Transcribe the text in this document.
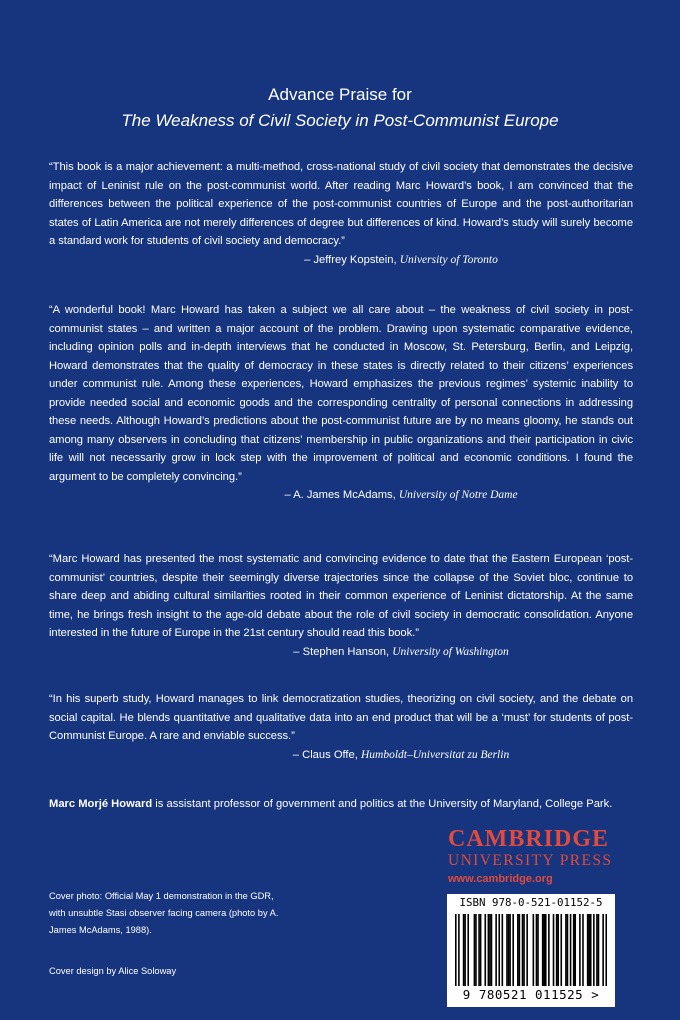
Advance Praise for
The Weakness of Civil Society in Post-Communist Europe

“This book is a major achievement: a multi-method, cross-national study of civil society that demonstrates the decisive impact of Leninist rule on the post-communist world. After reading Marc Howard’s book, I am convinced that the differences between the political experience of the post-communist countries of Europe and the post-authoritarian states of Latin America are not merely differences of degree but differences of kind. Howard’s study will surely become a standard work for students of civil society and democracy.”

– Jeffrey Kopstein, University of Toronto

“A wonderful book! Marc Howard has taken a subject we all care about – the weakness of civil society in post-communist states – and written a major account of the problem. Drawing upon systematic comparative evidence, including opinion polls and in-depth interviews that he conducted in Moscow, St. Petersburg, Berlin, and Leipzig, Howard demonstrates that the quality of democracy in these states is directly related to their citizens’ experiences under communist rule. Among these experiences, Howard emphasizes the previous regimes’ systemic inability to provide needed social and economic goods and the corresponding centrality of personal connections in addressing these needs. Although Howard’s predictions about the post-communist future are by no means gloomy, he stands out among many observers in concluding that citizens’ membership in public organizations and their participation in civic life will not necessarily grow in lock step with the improvement of political and economic conditions. I found the argument to be completely convincing.”

– A. James McAdams, University of Notre Dame

“Marc Howard has presented the most systematic and convincing evidence to date that the Eastern European ‘post-communist’ countries, despite their seemingly diverse trajectories since the collapse of the Soviet bloc, continue to share deep and abiding cultural similarities rooted in their common experience of Leninist dictatorship. At the same time, he brings fresh insight to the age-old debate about the role of civil society in democratic consolidation. Anyone interested in the future of Europe in the 21st century should read this book.”

– Stephen Hanson, University of Washington

“In his superb study, Howard manages to link democratization studies, theorizing on civil society, and the debate on social capital. He blends quantitative and qualitative data into an end product that will be a ‘must’ for students of post-Communist Europe. A rare and enviable success.”

– Claus Offe, Humboldt–Universitat zu Berlin

Marc Morjé Howard is assistant professor of government and politics at the University of Maryland, College Park.
Cover photo: Official May 1 demonstration in the GDR, with unsubtle Stasi observer facing camera (photo by A. James McAdams, 1988).
Cover design by Alice Soloway
CAMBRIDGE
UNIVERSITY PRESS
www.cambridge.org
ISBN 978-0-521-01152-5
9 780521 011525 >
